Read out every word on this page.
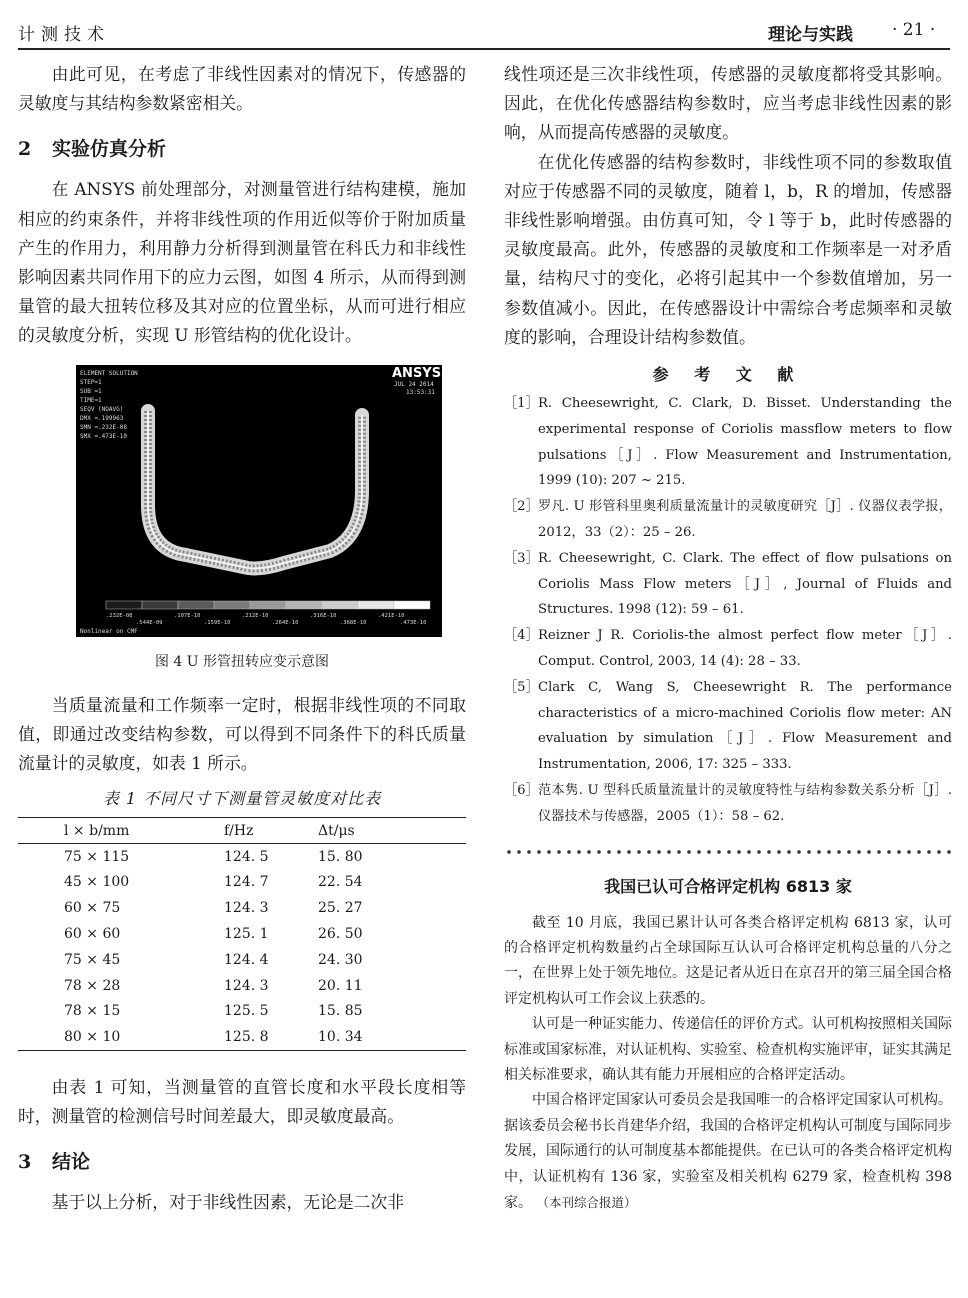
计测技术	理论与实践 · 21 ·

由此可见，在考虑了非线性因素对的情况下，传感器的灵敏度与其结构参数紧密相关。

2 实验仿真分析

在 ANSYS 前处理部分，对测量管进行结构建模，施加相应的约束条件，并将非线性项的作用近似等价于附加质量产生的作用力，利用静力分析得到测量管在科氏力和非线性影响因素共同作用下的应力云图，如图 4 所示，从而得到测量管的最大扭转位移及其对应的位置坐标，从而可进行相应的灵敏度分析，实现 U 形管结构的优化设计。

ELEMENT SOLUTION
STEP=1
SUB =1
TIME=1
SEQV (NOAVG)
DMX =.199963
SMN =.232E-08
SMX =.473E-10
ANSYS
JUL 24 2014
13:53:31
.232E-08	.107E-10	.212E-10	.316E-10	.421E-10
.544E-09	.159E-10	.264E-10	.368E-10	.473E-10
Nonlinear on CMF
图 4 U 形管扭转应变示意图

当质量流量和工作频率一定时，根据非线性项的不同取值，即通过改变结构参数，可以得到不同条件下的科氏质量流量计的灵敏度，如表 1 所示。

表 1 不同尺寸下测量管灵敏度对比表
l × b/mm	f/Hz	Δt/μs
75 × 115	124. 5	15. 80
45 × 100	124. 7	22. 54
60 × 75	124. 3	25. 27
60 × 60	125. 1	26. 50
75 × 45	124. 4	24. 30
78 × 28	124. 3	20. 11
78 × 15	125. 5	15. 85
80 × 10	125. 8	10. 34

由表 1 可知，当测量管的直管长度和水平段长度相等时，测量管的检测信号时间差最大，即灵敏度最高。

3 结论

基于以上分析，对于非线性因素，无论是二次非

线性项还是三次非线性项，传感器的灵敏度都将受其影响。因此，在优化传感器结构参数时，应当考虑非线性因素的影响，从而提高传感器的灵敏度。

在优化传感器的结构参数时，非线性项不同的参数取值对应于传感器不同的灵敏度，随着 l，b，R 的增加，传感器非线性影响增强。由仿真可知，令 l 等于 b，此时传感器的灵敏度最高。此外，传感器的灵敏度和工作频率是一对矛盾量，结构尺寸的变化，必将引起其中一个参数值增加，另一参数值减小。因此，在传感器设计中需综合考虑频率和灵敏度的影响，合理设计结构参数值。

参 考 文 献
［1］ R. Cheesewright, C. Clark, D. Bisset. Understanding the experimental response of Coriolis massflow meters to flow pulsations［J］. Flow Measurement and Instrumentation, 1999 (10): 207 ~ 215.
［2］ 罗凡. U 形管科里奥利质量流量计的灵敏度研究［J］. 仪器仪表学报，2012，33（2）：25 – 26.
［3］ R. Cheesewright, C. Clark. The effect of flow pulsations on Coriolis Mass Flow meters［J］, Journal of Fluids and Structures. 1998 (12): 59 – 61.
［4］ Reizner J R. Coriolis-the almost perfect flow meter［J］. Comput. Control, 2003, 14 (4): 28 – 33.
［5］ Clark C, Wang S, Cheesewright R. The performance characteristics of a micro-machined Coriolis flow meter: AN evaluation by simulation［J］. Flow Measurement and Instrumentation, 2006, 17: 325 – 333.
［6］ 范本隽. U 型科氏质量流量计的灵敏度特性与结构参数关系分析［J］. 仪器技术与传感器，2005（1）：58 – 62.
我国已认可合格评定机构 6813 家

截至 10 月底，我国已累计认可各类合格评定机构 6813 家，认可的合格评定机构数量约占全球国际互认认可合格评定机构总量的八分之一，在世界上处于领先地位。这是记者从近日在京召开的第三届全国合格评定机构认可工作会议上获悉的。

认可是一种证实能力、传递信任的评价方式。认可机构按照相关国际标准或国家标准，对认证机构、实验室、检查机构实施评审，证实其满足相关标准要求，确认其有能力开展相应的合格评定活动。

中国合格评定国家认可委员会是我国唯一的合格评定国家认可机构。据该委员会秘书长肖建华介绍，我国的合格评定机构认可制度与国际同步发展，国际通行的认可制度基本都能提供。在已认可的各类合格评定机构中，认证机构有 136 家，实验室及相关机构 6279 家，检查机构 398 家。 （本刊综合报道）
